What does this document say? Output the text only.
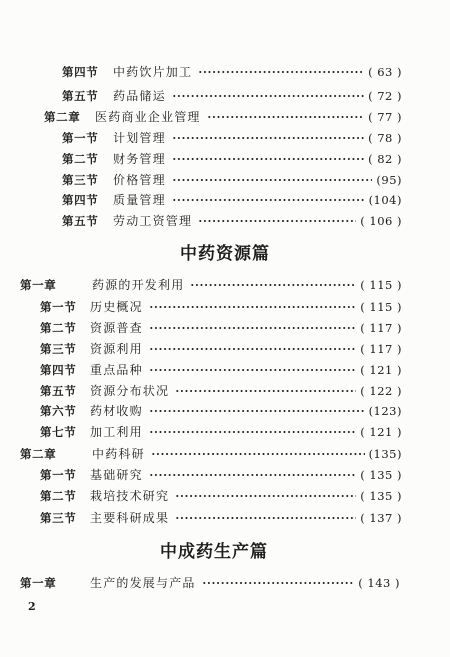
第四节	中药饮片加工	( 63 )
第五节	药品储运	( 72 )
第二章	医药商业企业管理	( 77 )
第一节	计划管理	( 78 )
第二节	财务管理	( 82 )
第三节	价格管理	(95)
第四节	质量管理	(104)
第五节	劳动工资管理	( 106 )
中药资源篇
第一章	药源的开发利用	( 115 )
第一节	历史概况	( 115 )
第二节	资源普查	( 117 )
第三节	资源利用	( 117 )
第四节	重点品种	( 121 )
第五节	资源分布状况	( 122 )
第六节	药材收购	(123)
第七节	加工利用	( 121 )
第二章	中药科研	(135)
第一节	基础研究	( 135 )
第二节	栽培技术研究	( 135 )
第三节	主要科研成果	( 137 )
中成药生产篇
第一章	生产的发展与产品	( 143 )
2
